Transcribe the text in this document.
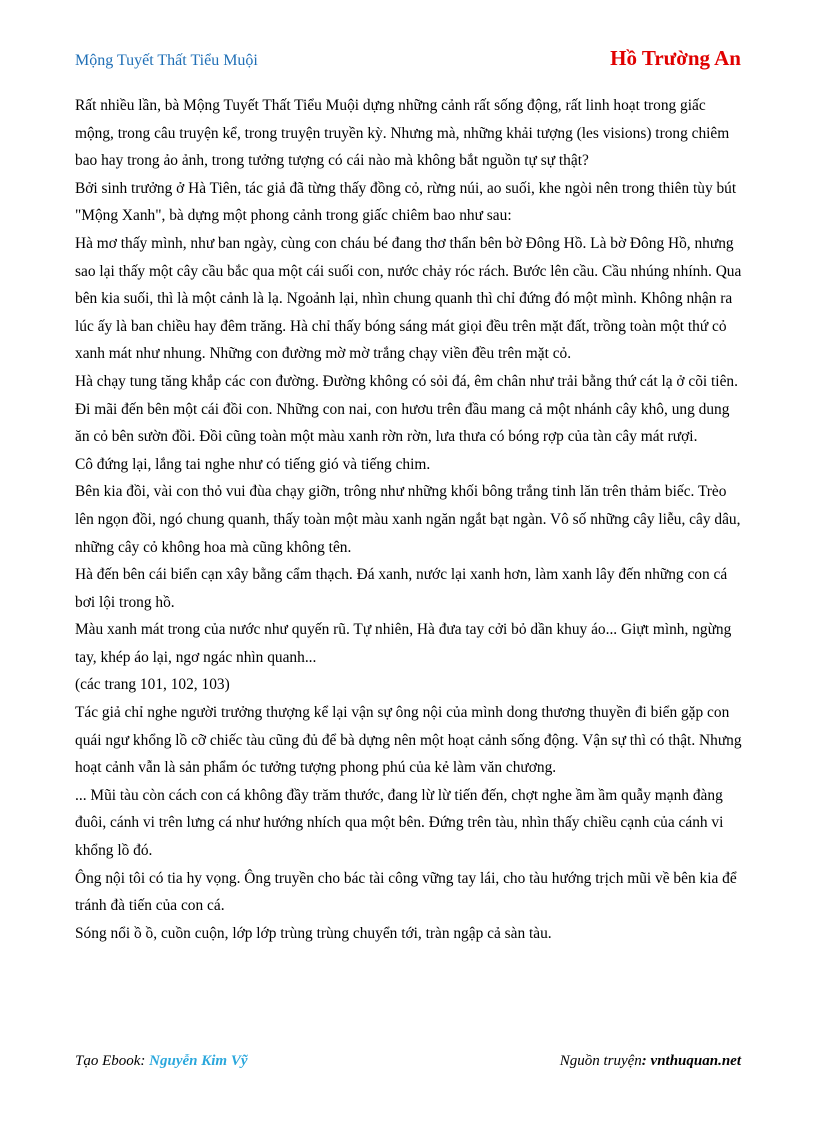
Mộng Tuyết Thất Tiểu Muội	Hồ Trường An

Rất nhiều lần, bà Mộng Tuyết Thất Tiểu Muội dựng những cảnh rất sống động, rất linh hoạt trong giấc mộng, trong câu truyện kể, trong truyện truyền kỳ. Nhưng mà, những khải tượng (les visions) trong chiêm bao hay trong ảo ảnh, trong tưởng tượng có cái nào mà không bắt nguồn tự sự thật?

Bởi sinh trưởng ở Hà Tiên, tác giả đã từng thấy đồng cỏ, rừng núi, ao suối, khe ngòi nên trong thiên tùy bút "Mộng Xanh", bà dựng một phong cảnh trong giấc chiêm bao như sau:

Hà mơ thấy mình, như ban ngày, cùng con cháu bé đang thơ thẩn bên bờ Đông Hồ. Là bờ Đông Hồ, nhưng sao lại thấy một cây cầu bắc qua một cái suối con, nước chảy róc rách. Bước lên cầu. Cầu nhúng nhính. Qua bên kia suối, thì là một cảnh là lạ. Ngoảnh lại, nhìn chung quanh thì chỉ đứng đó một mình. Không nhận ra lúc ấy là ban chiều hay đêm trăng. Hà chỉ thấy bóng sáng mát giọi đều trên mặt đất, trồng toàn một thứ cỏ xanh mát như nhung. Những con đường mờ mờ trắng chạy viền đều trên mặt cỏ.

Hà chạy tung tăng khắp các con đường. Đường không có sỏi đá, êm chân như trải bằng thứ cát lạ ở cõi tiên.

Đi mãi đến bên một cái đồi con. Những con nai, con hươu trên đầu mang cả một nhánh cây khô, ung dung ăn cỏ bên sườn đồi. Đồi cũng toàn một màu xanh rờn rờn, lưa thưa có bóng rợp của tàn cây mát rượi.

Cô đứng lại, lắng tai nghe như có tiếng gió và tiếng chim.

Bên kia đồi, vài con thỏ vui đùa chạy giỡn, trông như những khối bông trắng tinh lăn trên thảm biếc. Trèo lên ngọn đồi, ngó chung quanh, thấy toàn một màu xanh ngăn ngắt bạt ngàn. Vô số những cây liễu, cây dâu, những cây cỏ không hoa mà cũng không tên.

Hà đến bên cái biển cạn xây bằng cẩm thạch. Đá xanh, nước lại xanh hơn, làm xanh lây đến những con cá bơi lội trong hồ.

Màu xanh mát trong của nước như quyến rũ. Tự nhiên, Hà đưa tay cởi bỏ dần khuy áo... Giựt mình, ngừng tay, khép áo lại, ngơ ngác nhìn quanh...

(các trang 101, 102, 103)

Tác giả chỉ nghe người trưởng thượng kể lại vận sự ông nội của mình dong thương thuyền đi biển gặp con quái ngư khổng lồ cỡ chiếc tàu cũng đủ để bà dựng nên một hoạt cảnh sống động. Vận sự thì có thật. Nhưng hoạt cảnh vẫn là sản phẩm óc tưởng tượng phong phú của kẻ làm văn chương.

... Mũi tàu còn cách con cá không đầy trăm thước, đang lừ lừ tiến đến, chợt nghe ầm ầm quẫy mạnh đàng đuôi, cánh vi trên lưng cá như hướng nhích qua một bên. Đứng trên tàu, nhìn thấy chiều cạnh của cánh vi khổng lồ đó.

Ông nội tôi có tia hy vọng. Ông truyền cho bác tài công vững tay lái, cho tàu hướng trịch mũi về bên kia để tránh đà tiến của con cá.

Sóng nổi ồ ồ, cuồn cuộn, lớp lớp trùng trùng chuyển tới, tràn ngập cả sàn tàu.

Tạo Ebook: Nguyễn Kim Vỹ	Nguồn truyện: vnthuquan.net
